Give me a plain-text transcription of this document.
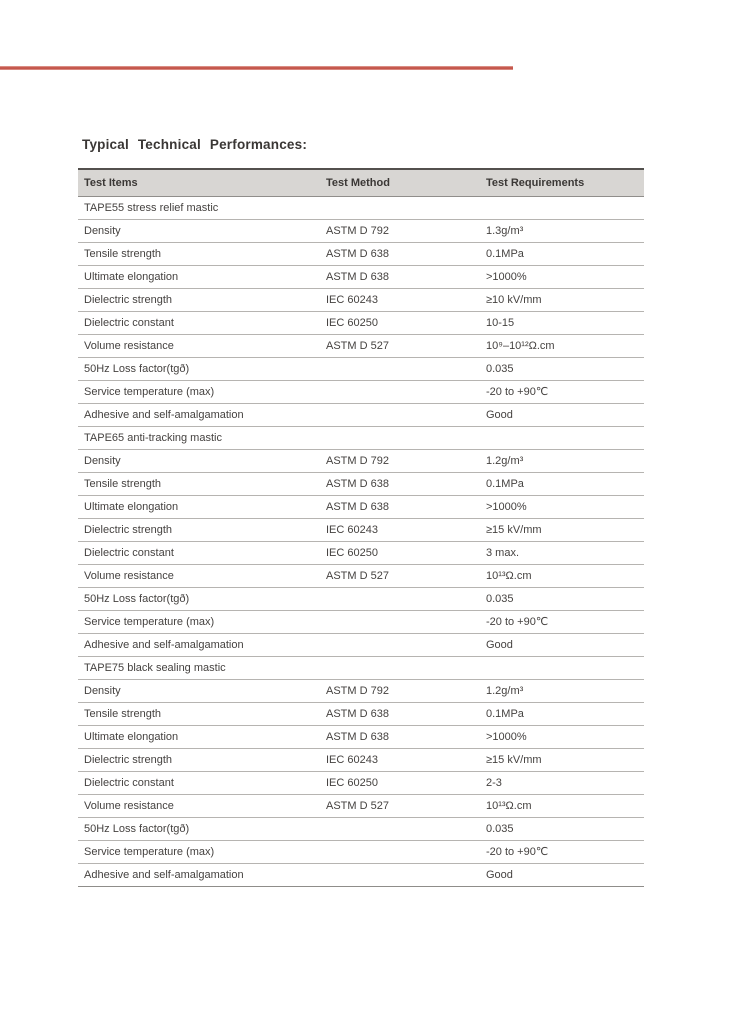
Typical Technical Performances:
Test Items	Test Method	Test Requirements
TAPE55 stress relief mastic		
Density	ASTM D 792	1.3g/m³
Tensile strength	ASTM D 638	0.1MPa
Ultimate elongation	ASTM D 638	>1000%
Dielectric strength	IEC 60243	≥10 kV/mm
Dielectric constant	IEC 60250	10-15
Volume resistance	ASTM D 527	10⁹–10¹²Ω.cm
50Hz Loss factor(tgð)		0.035
Service temperature (max)		-20 to +90℃
Adhesive and self-amalgamation		Good
TAPE65 anti-tracking mastic		
Density	ASTM D 792	1.2g/m³
Tensile strength	ASTM D 638	0.1MPa
Ultimate elongation	ASTM D 638	>1000%
Dielectric strength	IEC 60243	≥15 kV/mm
Dielectric constant	IEC 60250	3 max.
Volume resistance	ASTM D 527	10¹³Ω.cm
50Hz Loss factor(tgð)		0.035
Service temperature (max)		-20 to +90℃
Adhesive and self-amalgamation		Good
TAPE75 black sealing mastic		
Density	ASTM D 792	1.2g/m³
Tensile strength	ASTM D 638	0.1MPa
Ultimate elongation	ASTM D 638	>1000%
Dielectric strength	IEC 60243	≥15 kV/mm
Dielectric constant	IEC 60250	2-3
Volume resistance	ASTM D 527	10¹³Ω.cm
50Hz Loss factor(tgð)		0.035
Service temperature (max)		-20 to +90℃
Adhesive and self-amalgamation		Good
